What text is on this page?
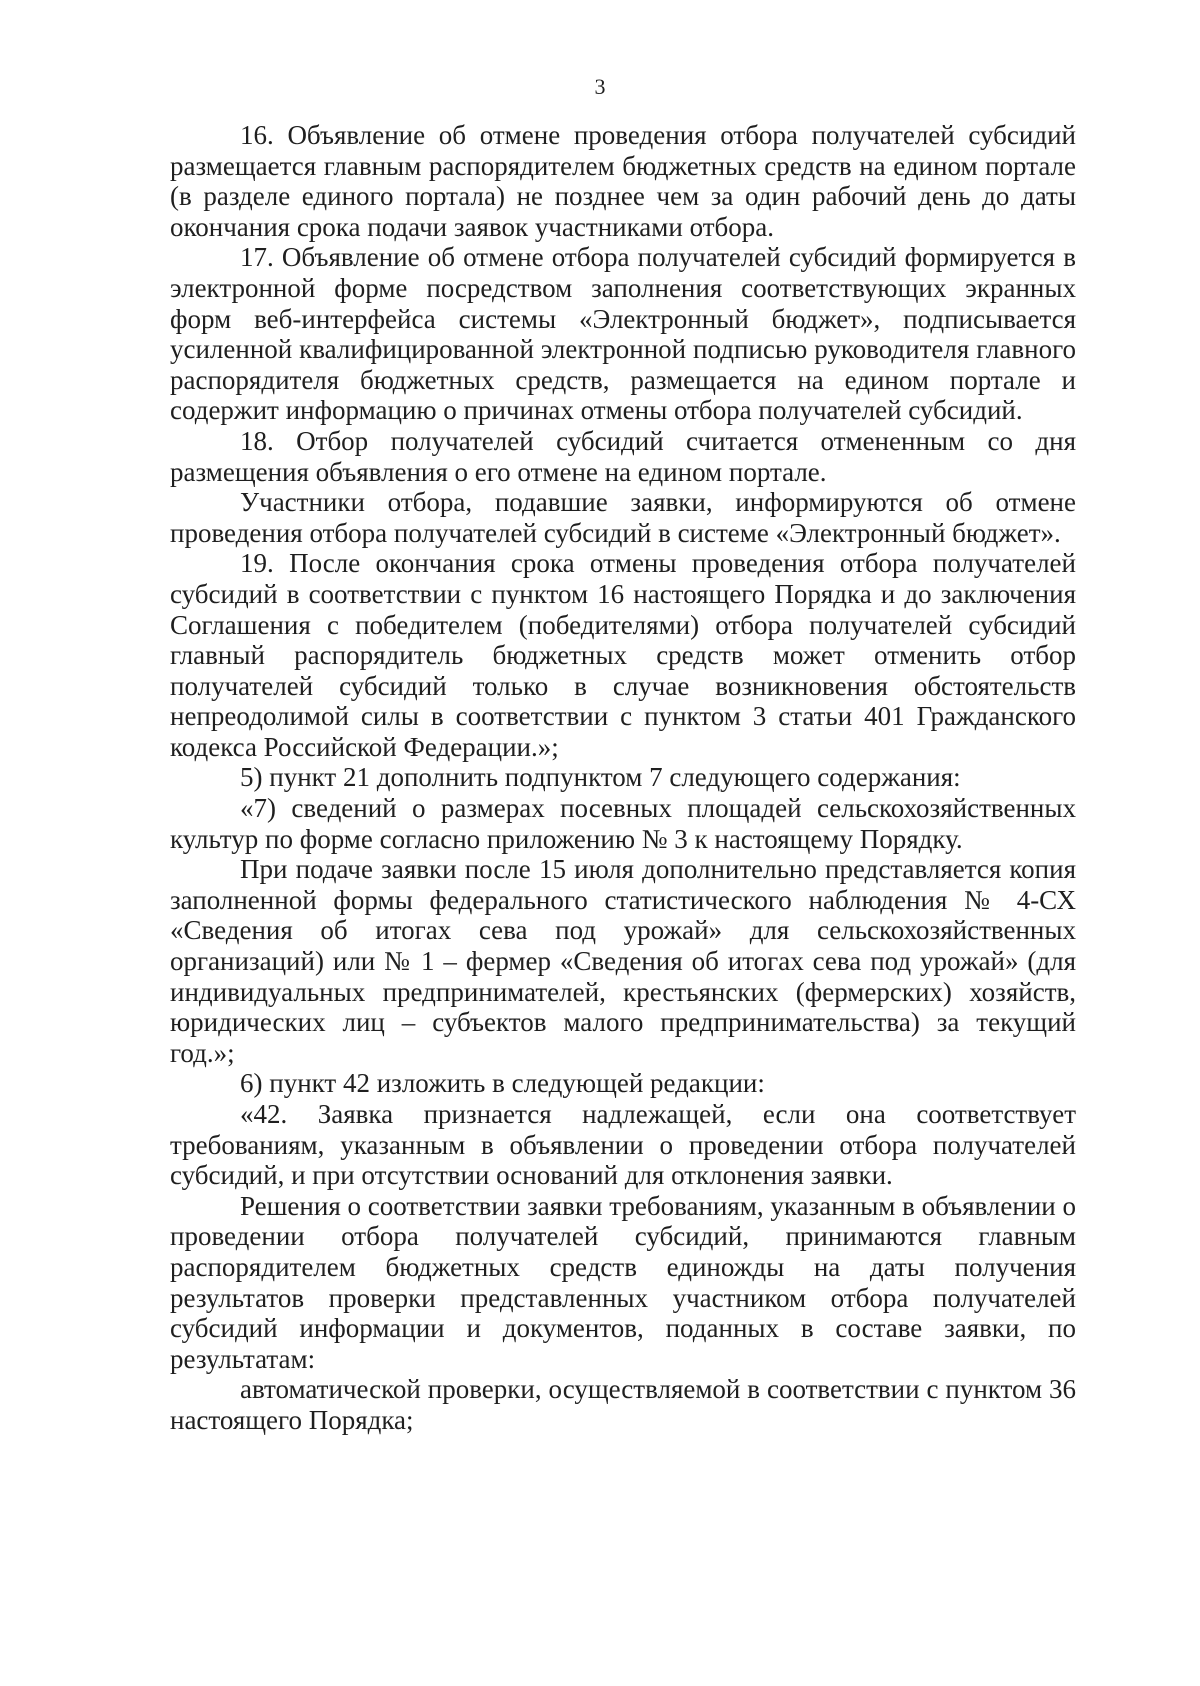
3

16. Объявление об отмене проведения отбора получателей субсидий размещается главным распорядителем бюджетных средств на едином портале (в разделе единого портала) не позднее чем за один рабочий день до даты окончания срока подачи заявок участниками отбора.

17. Объявление об отмене отбора получателей субсидий формируется в электронной форме посредством заполнения соответствующих экранных форм веб-интерфейса системы «Электронный бюджет», подписывается усиленной квалифицированной электронной подписью руководителя главного распорядителя бюджетных средств, размещается на едином портале и содержит информацию о причинах отмены отбора получателей субсидий.

18. Отбор получателей субсидий считается отмененным со дня размещения объявления о его отмене на едином портале.

Участники отбора, подавшие заявки, информируются об отмене проведения отбора получателей субсидий в системе «Электронный бюджет».

19. После окончания срока отмены проведения отбора получателей субсидий в соответствии с пунктом 16 настоящего Порядка и до заключения Соглашения с победителем (победителями) отбора получателей субсидий главный распорядитель бюджетных средств может отменить отбор получателей субсидий только в случае возникновения обстоятельств непреодолимой силы в соответствии с пунктом 3 статьи 401 Гражданского кодекса Российской Федерации.»;

5) пункт 21 дополнить подпунктом 7 следующего содержания:

«7) сведений о размерах посевных площадей сельскохозяйственных культур по форме согласно приложению № 3 к настоящему Порядку.

При подаче заявки после 15 июля дополнительно представляется копия заполненной формы федерального статистического наблюдения № 4-СХ «Сведения об итогах сева под урожай» для сельскохозяйственных организаций) или № 1 – фермер «Сведения об итогах сева под урожай» (для индивидуальных предпринимателей, крестьянских (фермерских) хозяйств, юридических лиц – субъектов малого предпринимательства) за текущий год.»;

6) пункт 42 изложить в следующей редакции:

«42. Заявка признается надлежащей, если она соответствует требованиям, указанным в объявлении о проведении отбора получателей субсидий, и при отсутствии оснований для отклонения заявки.

Решения о соответствии заявки требованиям, указанным в объявлении о проведении отбора получателей субсидий, принимаются главным распорядителем бюджетных средств единожды на даты получения результатов проверки представленных участником отбора получателей субсидий информации и документов, поданных в составе заявки, по результатам:

автоматической проверки, осуществляемой в соответствии с пунктом 36 настоящего Порядка;
